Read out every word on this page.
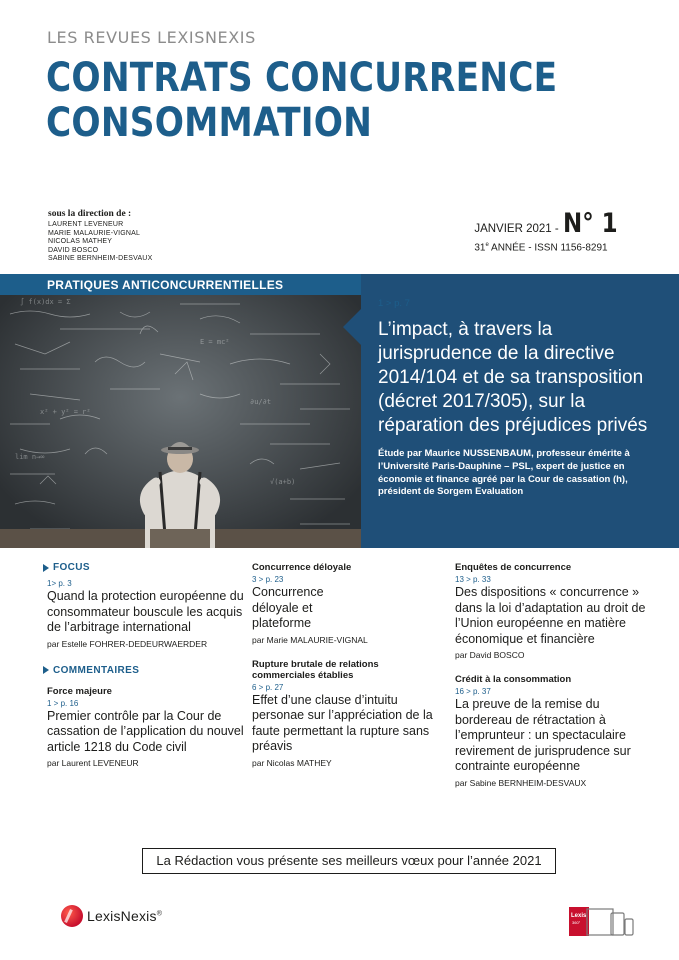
LES REVUES LEXISNEXIS
CONTRATS CONCURRENCE
CONSOMMATION
sous la direction de :
LAURENT LEVENEUR
MARIE MALAURIE-VIGNAL
NICOLAS MATHEY
DAVID BOSCO
SABINE BERNHEIM-DESVAUX
JANVIER 2021 - N° 1
31e ANNÉE - ISSN 1156-8291
∫ f(x)dx = Σ
E = mc²
x² + y² = r²
∂u/∂t
√(a+b)
lim n→∞
PRATIQUES ANTICONCURRENTIELLES
1 > p. 7
L’impact, à travers la jurisprudence de la directive 2014/104 et de sa transposition (décret 2017/305), sur la réparation des préjudices privés
Étude par Maurice NUSSENBAUM, professeur émérite à l’Université Paris-Dauphine – PSL, expert de justice en économie et finance agréé par la Cour de cassation (h), président de Sorgem Evaluation
FOCUS
1> p. 3
Quand la protection européenne du consommateur bouscule les acquis de l’arbitrage international
par Estelle FOHRER-DEDEURWAERDER
COMMENTAIRES
Force majeure
1 > p. 16
Premier contrôle par la Cour de cassation de l’application du nouvel article 1218 du Code civil
par Laurent LEVENEUR
Concurrence déloyale
3 > p. 23
Concurrence déloyale et plateforme
par Marie MALAURIE-VIGNAL
Rupture brutale de relations commerciales établies
6 > p. 27
Effet d’une clause d’intuitu personae sur l’appréciation de la faute permettant la rupture sans préavis
par Nicolas MATHEY
Enquêtes de concurrence
13 > p. 33
Des dispositions « concurrence » dans la loi d’adaptation au droit de l’Union européenne en matière économique et financière
par David BOSCO
Crédit à la consommation
16 > p. 37
La preuve de la remise du bordereau de rétractation à l’emprunteur : un spectaculaire revirement de jurisprudence sur contrainte européenne
par Sabine BERNHEIM-DESVAUX
La Rédaction vous présente ses meilleurs vœux pour l’année 2021
LexisNexis®	Lexis
360°
